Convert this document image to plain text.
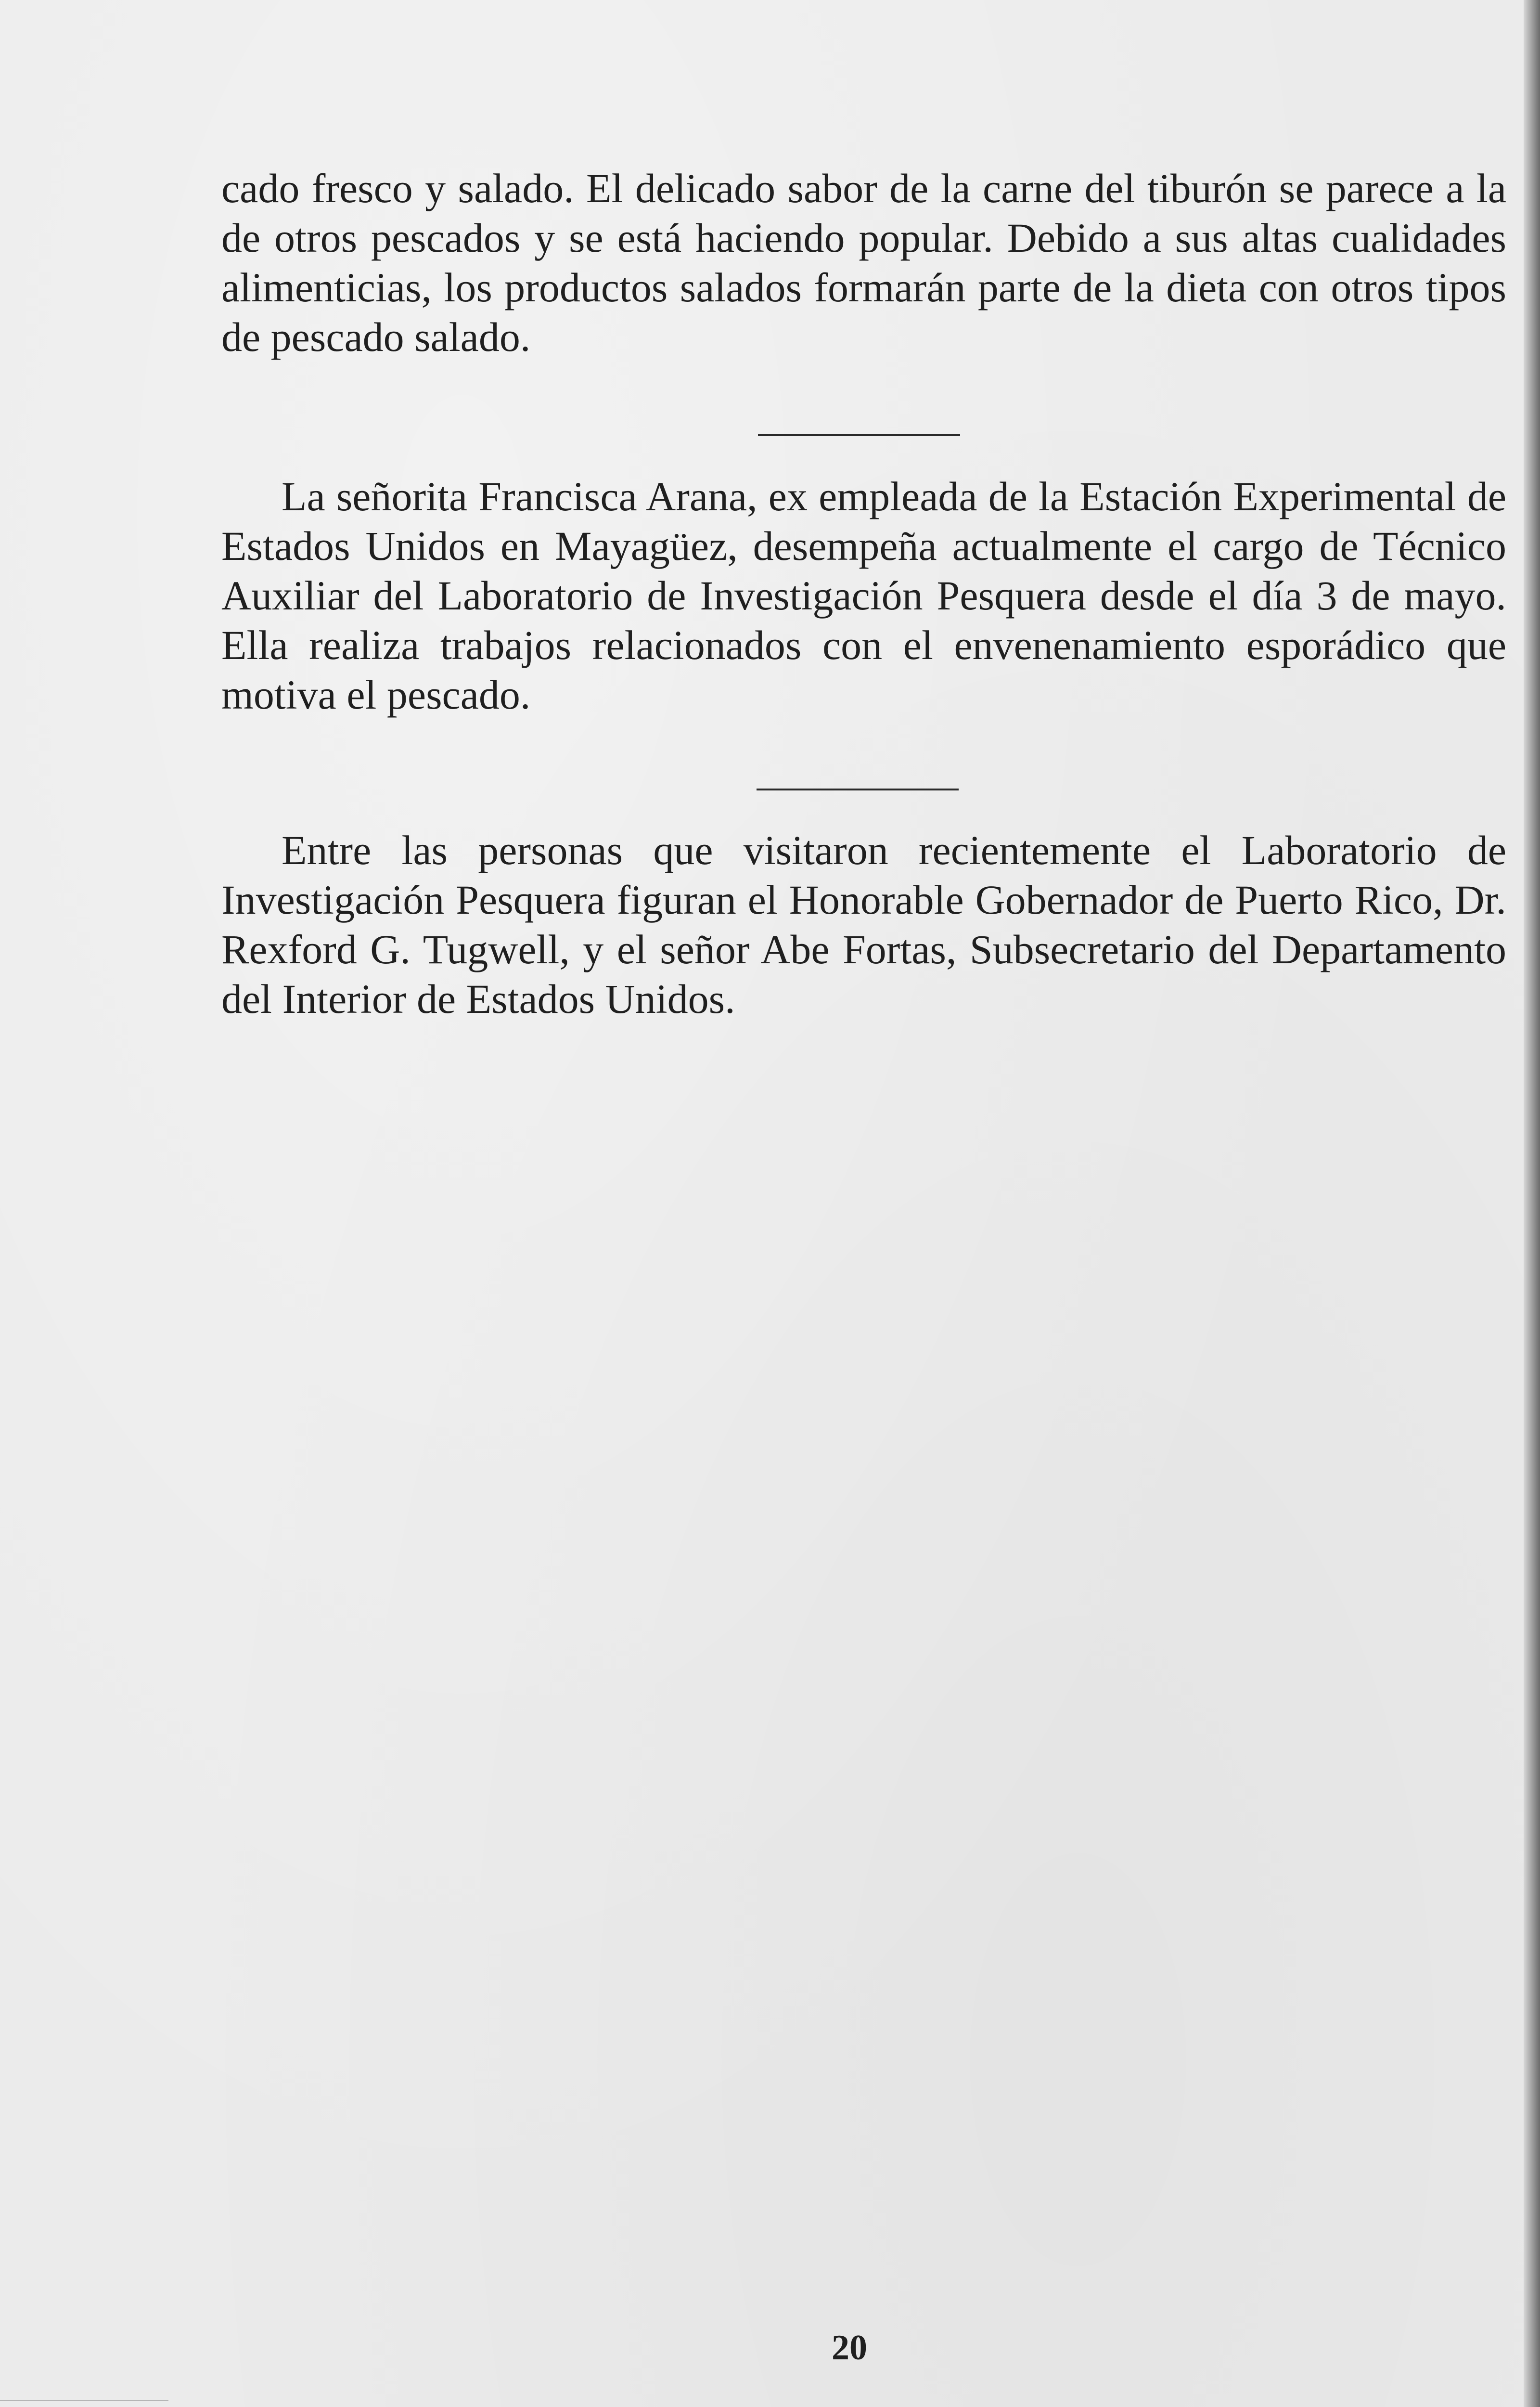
cado fresco y salado. El delicado sabor de la carne del tiburón se parece a la de otros pescados y se está haciendo popular. Debido a sus altas cualidades alimenticias, los productos salados formarán parte de la dieta con otros tipos de pescado salado.

La señorita Francisca Arana, ex empleada de la Estación Experimental de Estados Unidos en Mayagüez, desempeña actualmente el cargo de Técnico Auxiliar del Laboratorio de Investigación Pesquera desde el día 3 de mayo. Ella realiza trabajos relacionados con el envenenamiento esporádico que motiva el pescado.

Entre las personas que visitaron recientemente el Laboratorio de Investigación Pesquera figuran el Honorable Gobernador de Puerto Rico, Dr. Rexford G. Tugwell, y el señor Abe Fortas, Subsecretario del Departamento del Interior de Estados Unidos.

20
